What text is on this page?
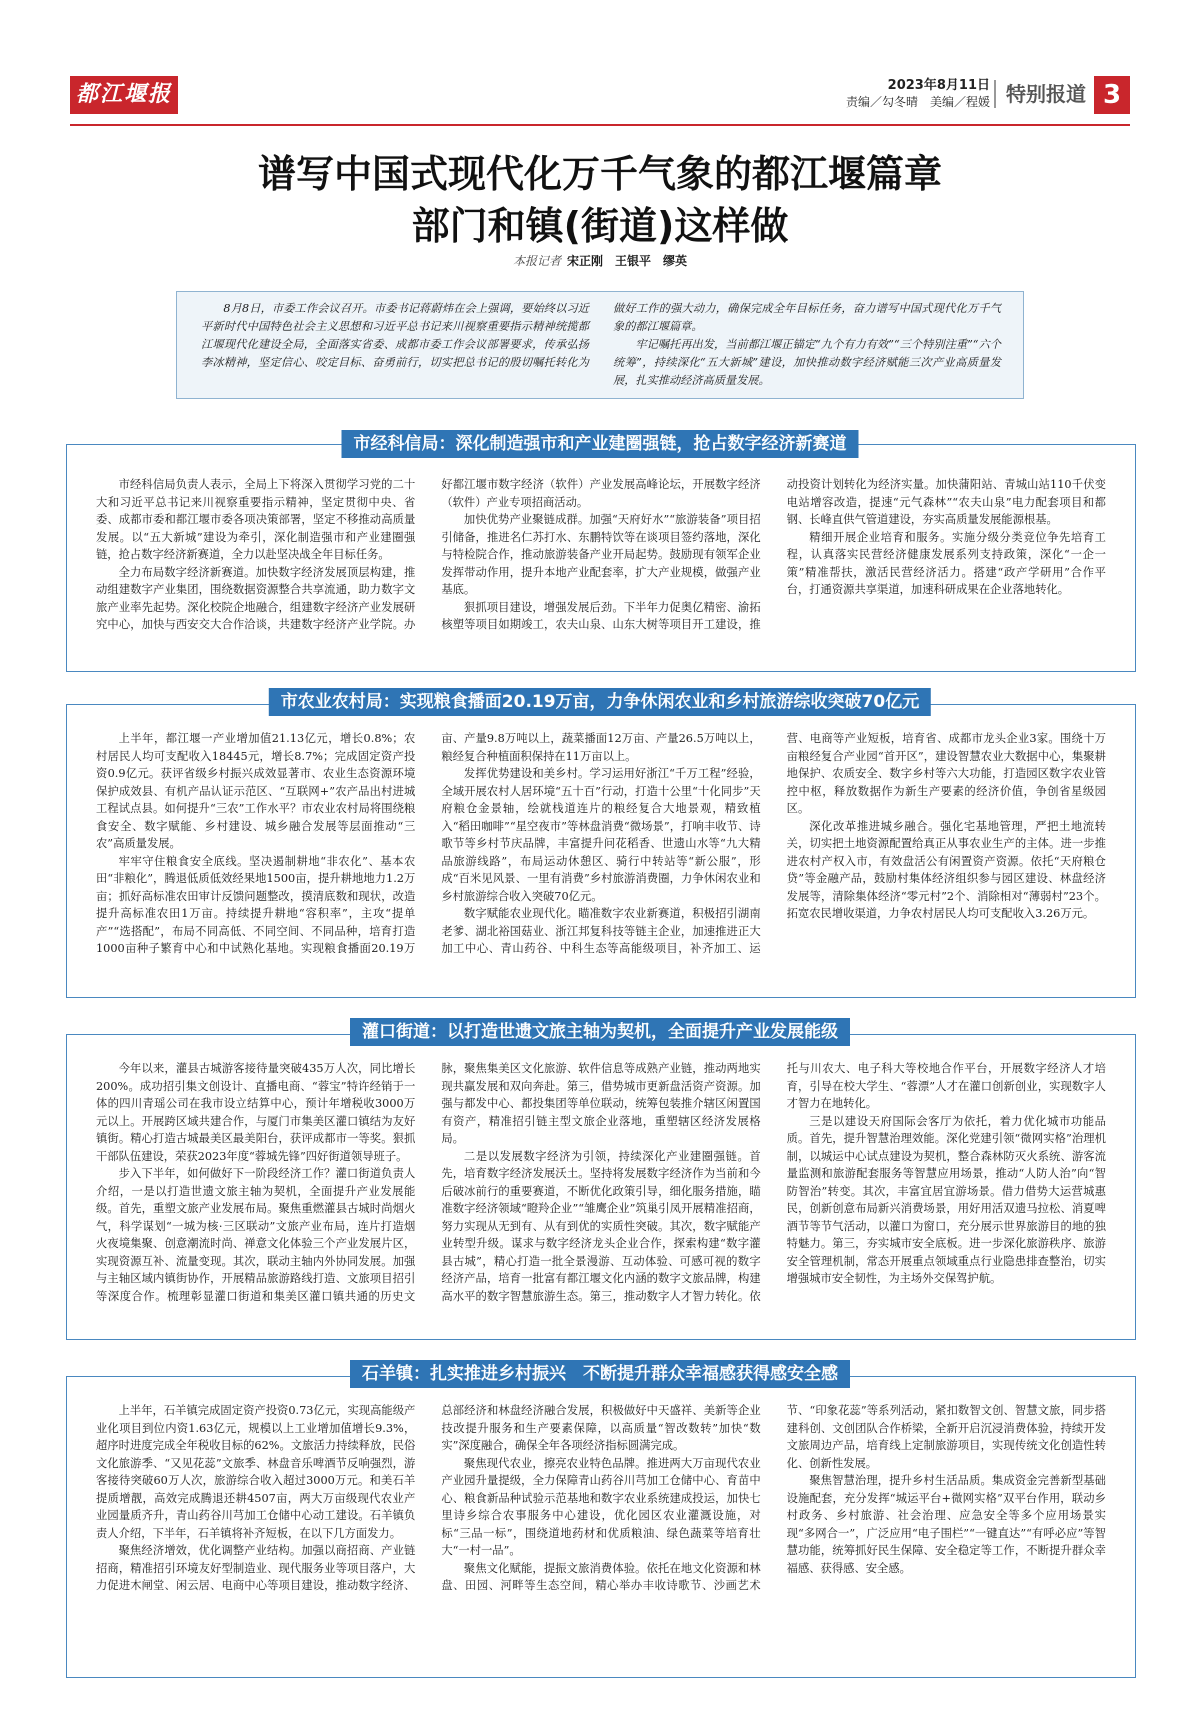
都江堰报	2023年8月11日
责编／勾冬晴　美编／程媛 特别报道 3
谱写中国式现代化万千气象的都江堰篇章
部门和镇(街道)这样做
本报记者 宋正刚　王银平　缪英

8月8日，市委工作会议召开。市委书记蒋蔚炜在会上强调，要始终以习近平新时代中国特色社会主义思想和习近平总书记来川视察重要指示精神统揽都江堰现代化建设全局，全面落实省委、成都市委工作会议部署要求，传承弘扬李冰精神，坚定信心、咬定目标、奋勇前行，切实把总书记的殷切嘱托转化为做好工作的强大动力，确保完成全年目标任务，奋力谱写中国式现代化万千气象的都江堰篇章。

牢记嘱托再出发，当前都江堰正锚定“九个有力有效”“三个特别注重”“六个统筹”，持续深化“五大新城”建设，加快推动数字经济赋能三次产业高质量发展，扎实推动经济高质量发展。

市经科信局：深化制造强市和产业建圈强链，抢占数字经济新赛道

市经科信局负责人表示，全局上下将深入贯彻学习党的二十大和习近平总书记来川视察重要指示精神，坚定贯彻中央、省委、成都市委和都江堰市委各项决策部署，坚定不移推动高质量发展。以“五大新城”建设为牵引，深化制造强市和产业建圈强链，抢占数字经济新赛道，全力以赴坚决战全年目标任务。

全力布局数字经济新赛道。加快数字经济发展顶层构建，推动组建数字产业集团，围绕数据资源整合共享流通，助力数字文旅产业率先起势。深化校院企地融合，组建数字经济产业发展研究中心，加快与西安交大合作洽谈，共建数字经济产业学院。办好都江堰市数字经济（软件）产业发展高峰论坛，开展数字经济（软件）产业专项招商活动。

加快优势产业聚链成群。加强“天府好水”“旅游装备”项目招引储备，推进名仁苏打水、东鹏特饮等在谈项目签约落地，深化与特检院合作，推动旅游装备产业开局起势。鼓励现有领军企业发挥带动作用，提升本地产业配套率，扩大产业规模，做强产业基底。

狠抓项目建设，增强发展后劲。下半年力促奥亿精密、渝拓核塑等项目如期竣工，农夫山泉、山东大树等项目开工建设，推动投资计划转化为经济实量。加快蒲阳站、青城山站110千伏变电站增容改造，提速“元气森林”“农夫山泉”电力配套项目和都钢、长峰直供气管道建设，夯实高质量发展能源根基。

精细开展企业培育和服务。实施分级分类竞位争先培育工程，认真落实民营经济健康发展系列支持政策，深化“一企一策”精准帮扶，激活民营经济活力。搭建“政产学研用”合作平台，打通资源共享渠道，加速科研成果在企业落地转化。

市农业农村局：实现粮食播面20.19万亩，力争休闲农业和乡村旅游综收突破70亿元

上半年，都江堰一产业增加值21.13亿元，增长0.8%；农村居民人均可支配收入18445元，增长8.7%；完成固定资产投资0.9亿元。获评省级乡村振兴成效显著市、农业生态资源环境保护成效县、有机产品认证示范区、“互联网+”农产品出村进城工程试点县。如何提升“三农”工作水平？市农业农村局将围绕粮食安全、数字赋能、乡村建设、城乡融合发展等层面推动“三农”高质量发展。

牢牢守住粮食安全底线。坚决遏制耕地“非农化”、基本农田“非粮化”，腾退低质低效经果地1500亩，提升耕地地力1.2万亩；抓好高标准农田审计反馈问题整改，摸清底数和现状，改造提升高标准农田1万亩。持续提升耕地“容积率”，主攻“提单产”“选搭配”，布局不同高低、不同空间、不同品种，培育打造1000亩种子繁育中心和中试熟化基地。实现粮食播面20.19万亩、产量9.8万吨以上，蔬菜播面12万亩、产量26.5万吨以上，粮经复合种植面积保持在11万亩以上。

发挥优势建设和美乡村。学习运用好浙江“千万工程”经验，全域开展农村人居环境“五十百”行动，打造十公里“十化同步”天府粮仓金景轴，绘就栈道连片的粮经复合大地景观，精致植入“稻田咖啡”“星空夜市”等林盘消费“微场景”，打响丰收节、诗歌节等乡村节庆品牌，丰富提升问花稻香、世遗山水等“九大精品旅游线路”，布局运动休憩区、骑行中转站等“新公服”，形成“百米见风景、一里有消费”乡村旅游消费圈，力争休闲农业和乡村旅游综合收入突破70亿元。

数字赋能农业现代化。瞄准数字农业新赛道，积极招引湖南老爹、湖北裕国菇业、浙江邦复科技等链主企业，加速推进正大加工中心、青山药谷、中科生态等高能级项目，补齐加工、运营、电商等产业短板，培育省、成都市龙头企业3家。围绕十万亩粮经复合产业园“首开区”，建设智慧农业大数据中心，集聚耕地保护、农质安全、数字乡村等六大功能，打造园区数字农业管控中枢，释放数据作为新生产要素的经济价值，争创省星级园区。

深化改革推进城乡融合。强化宅基地管理，严把土地流转关，切实把土地资源配置给真正从事农业生产的主体。进一步推进农村产权入市，有效盘活公有闲置资产资源。依托“天府粮仓贷”等金融产品，鼓励村集体经济组织参与园区建设、林盘经济发展等，清除集体经济“零元村”2个、消除相对“薄弱村”23个。拓宽农民增收渠道，力争农村居民人均可支配收入3.26万元。

灌口街道：以打造世遗文旅主轴为契机，全面提升产业发展能级

今年以来，灌县古城游客接待量突破435万人次，同比增长200%。成功招引集文创设计、直播电商、“蓉宝”特许经销于一体的四川青瑶公司在我市设立结算中心，预计年增税收3000万元以上。开展跨区域共建合作，与厦门市集美区灌口镇结为友好镇街。精心打造古城最美区最美阳台，获评成都市一等奖。狠抓干部队伍建设，荣获2023年度“蓉城先锋”四好街道领导班子。

步入下半年，如何做好下一阶段经济工作？灌口街道负责人介绍，一是以打造世遗文旅主轴为契机，全面提升产业发展能级。首先，重塑文旅产业发展布局。聚焦重燃灌县古城时尚烟火气，科学谋划“一城为核·三区联动”文旅产业布局，连片打造烟火夜境集聚、创意潮流时尚、禅意文化体验三个产业发展片区，实现资源互补、流量变现。其次，联动主轴内外协同发展。加强与主轴区域内镇街协作，开展精品旅游路线打造、文旅项目招引等深度合作。梳理彰显灌口街道和集美区灌口镇共通的历史文脉，聚焦集美区文化旅游、软件信息等成熟产业链，推动两地实现共赢发展和双向奔赴。第三，借势城市更新盘活资产资源。加强与都发中心、都投集团等单位联动，统筹包装推介辖区闲置国有资产，精准招引链主型文旅企业落地，重塑辖区经济发展格局。

二是以发展数字经济为引领，持续深化产业建圈强链。首先，培育数字经济发展沃土。坚持将发展数字经济作为当前和今后破冰前行的重要赛道，不断优化政策引导，细化服务措施，瞄准数字经济领域“瞪羚企业”“雏鹰企业”筑巢引凤开展精准招商，努力实现从无到有、从有到优的实质性突破。其次，数字赋能产业转型升级。谋求与数字经济龙头企业合作，探索构建“数字灌县古城”，精心打造一批全景漫游、互动体验、可感可视的数字经济产品，培育一批富有都江堰文化内涵的数字文旅品牌，构建高水平的数字智慧旅游生态。第三，推动数字人才智力转化。依托与川农大、电子科大等校地合作平台，开展数字经济人才培育，引导在校大学生、“蓉漂”人才在灌口创新创业，实现数字人才智力在地转化。

三是以建设天府国际会客厅为依托，着力优化城市功能品质。首先，提升智慧治理效能。深化党建引领“微网实格”治理机制，以城运中心试点建设为契机，整合森林防灭火系统、游客流量监测和旅游配套服务等智慧应用场景，推动“人防人治”向“智防智治”转变。其次，丰富宜居宜游场景。借力借势大运营城惠民，创新创意布局新兴消费场景，用好用活双遗马拉松、消夏啤酒节等节气活动，以灌口为窗口，充分展示世界旅游目的地的独特魅力。第三，夯实城市安全底板。进一步深化旅游秩序、旅游安全管理机制，常态开展重点领域重点行业隐患排查整治，切实增强城市安全韧性，为主场外交保驾护航。

石羊镇：扎实推进乡村振兴　不断提升群众幸福感获得感安全感

上半年，石羊镇完成固定资产投资0.73亿元，实现高能级产业化项目到位内资1.63亿元，规模以上工业增加值增长9.3%，超序时进度完成全年税收目标的62%。文旅活力持续释放，民俗文化旅游季、“又见花蕊”文旅季、林盘音乐啤酒节反响强烈，游客接待突破60万人次，旅游综合收入超过3000万元。和美石羊提质增靓，高效完成腾退还耕4507亩，两大万亩级现代农业产业园量质齐升，青山药谷川芎加工仓储中心动工建设。石羊镇负责人介绍，下半年，石羊镇将补齐短板，在以下几方面发力。

聚焦经济增效，优化调整产业结构。加强以商招商、产业链招商，精准招引环境友好型制造业、现代服务业等项目落户，大力促进木闸堂、闲云居、电商中心等项目建设，推动数字经济、总部经济和林盘经济融合发展，积极做好中天盛祥、美新等企业技改提升服务和生产要素保障，以高质量“智改数转”加快“数实”深度融合，确保全年各项经济指标圆满完成。

聚焦现代农业，擦亮农业特色品牌。推进两大万亩现代农业产业园升量提级，全力保障青山药谷川芎加工仓储中心、育苗中心、粮食新品种试验示范基地和数字农业系统建成投运，加快七里诗乡综合农事服务中心建设，优化园区农业灌溉设施，对标“三品一标”，围绕道地药材和优质粮油、绿色蔬菜等培育壮大“一村一品”。

聚焦文化赋能，提振文旅消费体验。依托在地文化资源和林盘、田园、河畔等生态空间，精心举办丰收诗歌节、沙画艺术节、“印象花蕊”等系列活动，紧扣数智文创、智慧文旅，同步搭建科创、文创团队合作桥梁，全新开启沉浸消费体验，持续开发文旅周边产品，培育线上定制旅游项目，实现传统文化创造性转化、创新性发展。

聚焦智慧治理，提升乡村生活品质。集成资金完善新型基础设施配套，充分发挥“城运平台+微网实格”双平台作用，联动乡村政务、乡村旅游、社会治理、应急安全等多个应用场景实现“多网合一”，广泛应用“电子围栏”“一键直达”“有呼必应”等智慧功能，统筹抓好民生保障、安全稳定等工作，不断提升群众幸福感、获得感、安全感。
